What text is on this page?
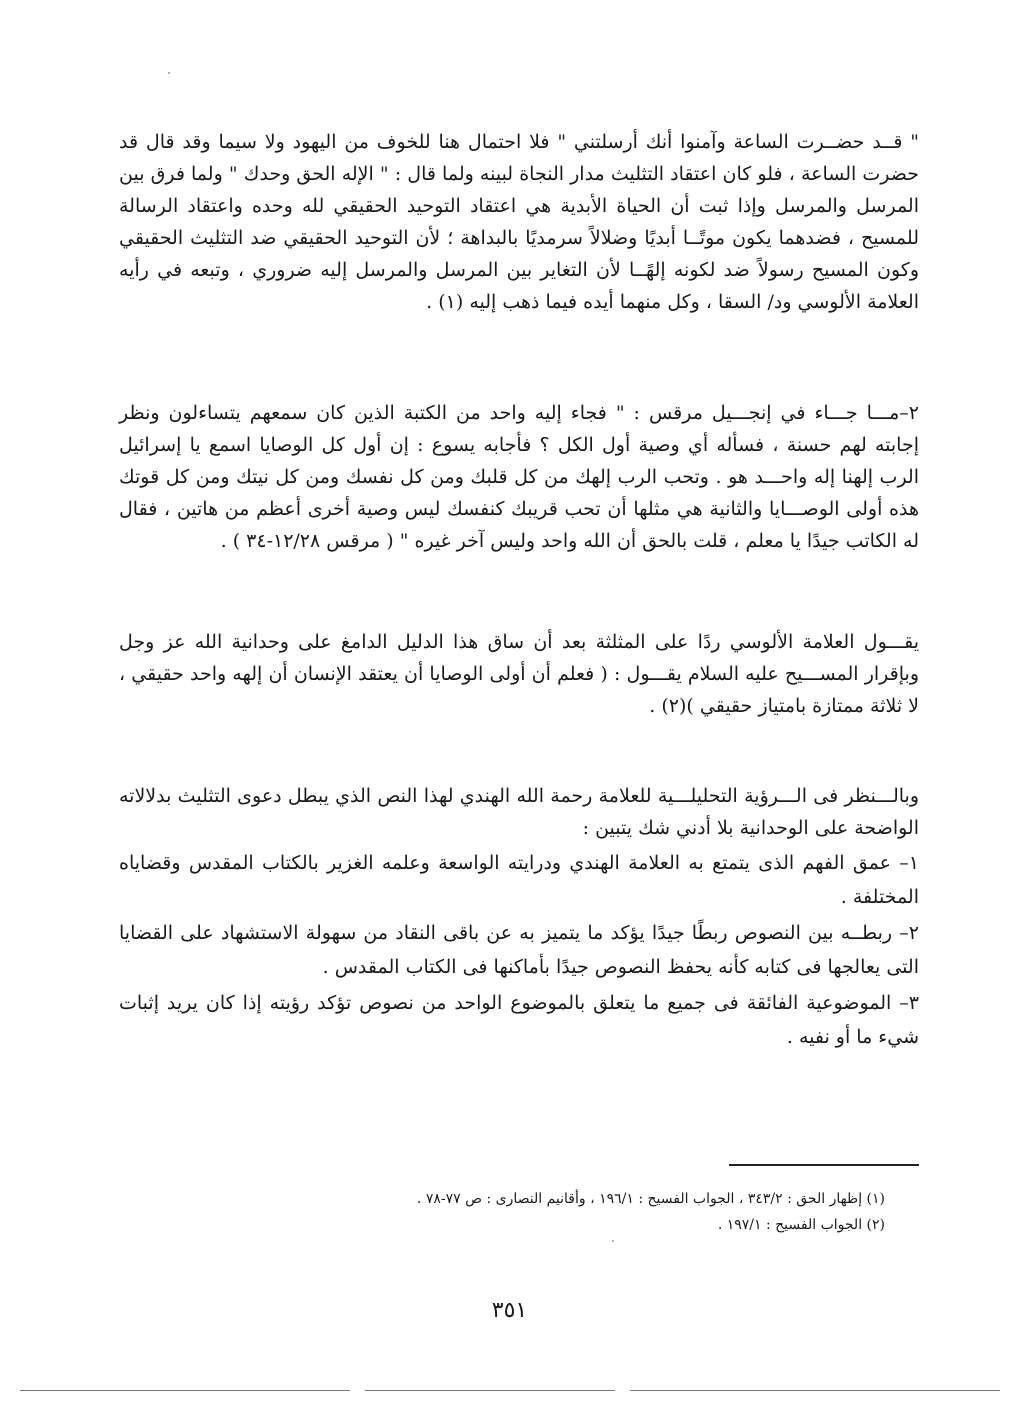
" قــد حضــرت الساعة وآمنوا أنك أرسلتني " فلا احتمال هنا للخوف من اليهود ولا سيما وقد قال قد حضرت الساعة ، فلو كان اعتقاد التثليث مدار النجاة لبينه ولما قال : " الإله الحق وحدك " ولما فرق بين المرسل والمرسل وإذا ثبت أن الحياة الأبدية هي اعتقاد التوحيد الحقيقي لله وحده واعتقاد الرسالة للمسيح ، فضدهما يكون موتًــا أبديًا وضلالاً سرمديًا بالبداهة ؛ لأن التوحيد الحقيقي ضد التثليث الحقيقي وكون المسيح رسولاً ضد لكونه إلهًــا لأن التغاير بين المرسل والمرسل إليه ضروري ، وتبعه في رأيه العلامة الألوسي ود/ السقا ، وكل منهما أيده فيما ذهب إليه (١) .

٢–مـــا جـــاء في إنجـــيل مرقس : " فجاء إليه واحد من الكتبة الذين كان سمعهم يتساءلون ونظر إجابته لهم حسنة ، فسأله أي وصية أول الكل ؟ فأجابه يسوع : إن أول كل الوصايا اسمع يا إسرائيل الرب إلهنا إله واحـــد هو . وتحب الرب إلهك من كل قلبك ومن كل نفسك ومن كل نيتك ومن كل قوتك هذه أولى الوصـــايا والثانية هي مثلها أن تحب قريبك كنفسك ليس وصية أخرى أعظم من هاتين ، فقال له الكاتب جيدًا يا معلم ، قلت بالحق أن الله واحد وليس آخر غيره " ( مرقس ١٢/٢٨-٣٤ ) .

يقـــول العلامة الألوسي ردًا على المثلثة بعد أن ساق هذا الدليل الدامغ على وحدانية الله عز وجل وبإقرار المســـيح عليه السلام يقـــول : ( فعلم أن أولى الوصايا أن يعتقد الإنسان أن إلهه واحد حقيقي ، لا ثلاثة ممتازة بامتياز حقيقي )(٢) .

وبالـــنظر فى الـــرؤية التحليلـــية للعلامة رحمة الله الهندي لهذا النص الذي يبطل دعوى التثليث بدلالاته الواضحة على الوحدانية بلا أدني شك يتبين :

١– عمق الفهم الذى يتمتع به العلامة الهندي ودرايته الواسعة وعلمه الغزير بالكتاب المقدس وقضاياه المختلفة .
٢– ربطــه بين النصوص ربطًا جيدًا يؤكد ما يتميز به عن باقى النقاد من سهولة الاستشهاد على القضايا التى يعالجها فى كتابه كأنه يحفظ النصوص جيدًا بأماكنها فى الكتاب المقدس .
٣– الموضوعية الفائقة فى جميع ما يتعلق بالموضوع الواحد من نصوص تؤكد رؤيته إذا كان يريد إثبات شيء ما أو نفيه .
(١) إظهار الحق : ٣٤٣/٢ ، الجواب الفسيح : ١٩٦/١ ، وأقانيم النصارى : ص ٧٧-٧٨ .
(٢) الجواب الفسيح : ١٩٧/١ .
٣٥١
